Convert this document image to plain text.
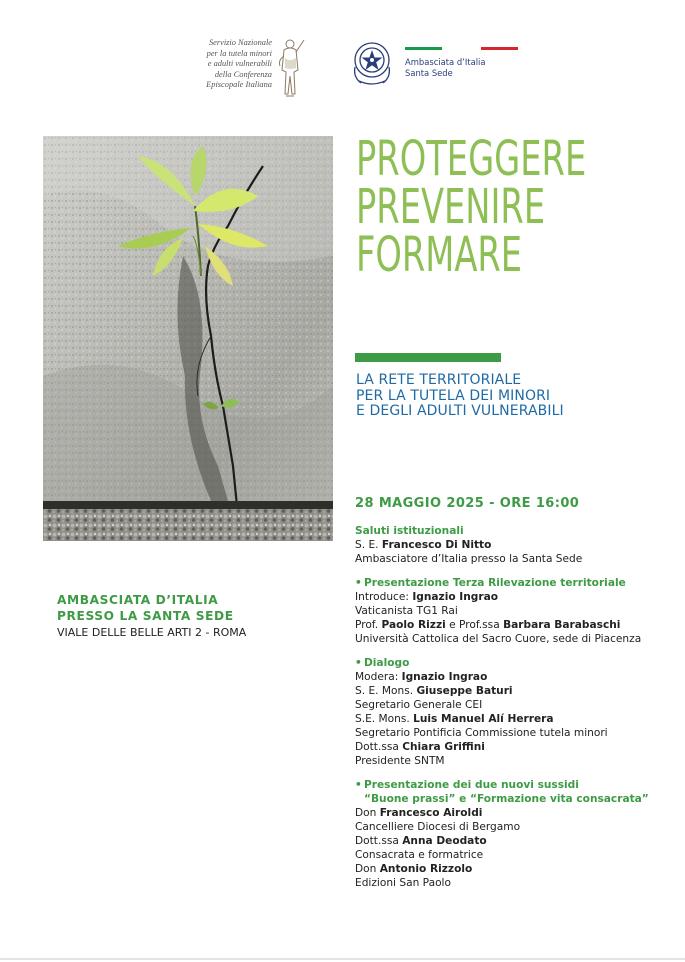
Servizio Nazionale
per la tutela minori
e adulti vulnerabili
della Conferenza
Episcopale Italiana
Ambasciata d’Italia
Santa Sede
PROTEGGERE
PREVENIRE
FORMARE
LA RETE TERRITORIALE
PER LA TUTELA DEI MINORI
E DEGLI ADULTI VULNERABILI
AMBASCIATA D’ITALIA
PRESSO LA SANTA SEDE
VIALE DELLE BELLE ARTI 2 - ROMA
28 MAGGIO 2025 - ORE 16:00
Saluti istituzionali
S. E. Francesco Di Nitto
Ambasciatore d’Italia presso la Santa Sede
• Presentazione Terza Rilevazione territoriale
Introduce: Ignazio Ingrao
Vaticanista TG1 Rai
Prof. Paolo Rizzi e Prof.ssa Barbara Barabaschi
Università Cattolica del Sacro Cuore, sede di Piacenza
• Dialogo
Modera: Ignazio Ingrao
S. E. Mons. Giuseppe Baturi
Segretario Generale CEI
S.E. Mons. Luis Manuel Alí Herrera
Segretario Pontificia Commissione tutela minori
Dott.ssa Chiara Griffini
Presidente SNTM
• Presentazione dei due nuovi sussidi
“Buone prassi” e “Formazione vita consacrata”
Don Francesco Airoldi
Cancelliere Diocesi di Bergamo
Dott.ssa Anna Deodato
Consacrata e formatrice
Don Antonio Rizzolo
Edizioni San Paolo
